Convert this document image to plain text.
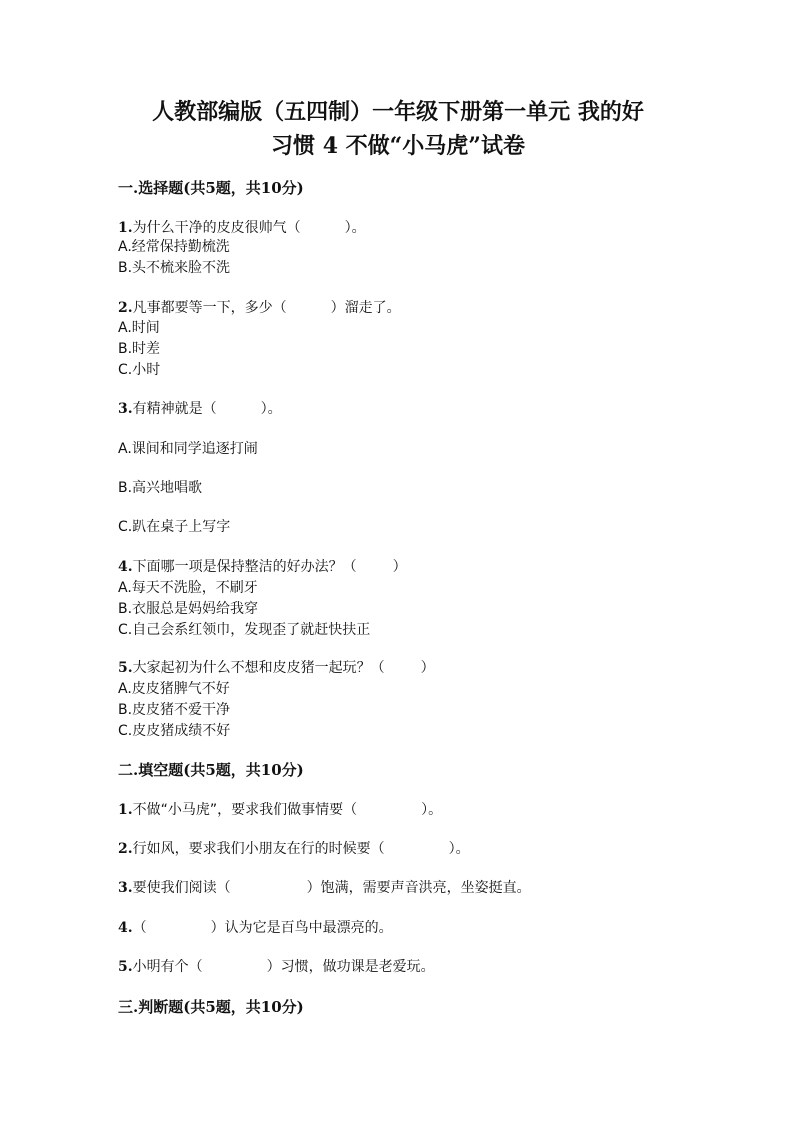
人教部编版（五四制）一年级下册第一单元 我的好
习惯 4 不做“小马虎”试卷
一.选择题(共5题，共10分)
1.为什么干净的皮皮很帅气（	）。
A.经常保持勤梳洗
B.头不梳来脸不洗
2.凡事都要等一下，多少（	）溜走了。
A.时间
B.时差
C.小时
3.有精神就是（	）。
A.课间和同学追逐打闹
B.高兴地唱歌
C.趴在桌子上写字
4.下面哪一项是保持整洁的好办法？（	）
A.每天不洗脸，不刷牙
B.衣服总是妈妈给我穿
C.自己会系红领巾，发现歪了就赶快扶正
5.大家起初为什么不想和皮皮猪一起玩？（	）
A.皮皮猪脾气不好
B.皮皮猪不爱干净
C.皮皮猪成绩不好
二.填空题(共5题，共10分)
1.不做“小马虎”，要求我们做事情要（	）。
2.行如风，要求我们小朋友在行的时候要（	）。
3.要使我们阅读（	）饱满，需要声音洪亮，坐姿挺直。
4.（	）认为它是百鸟中最漂亮的。
5.小明有个（	）习惯，做功课是老爱玩。
三.判断题(共5题，共10分)
